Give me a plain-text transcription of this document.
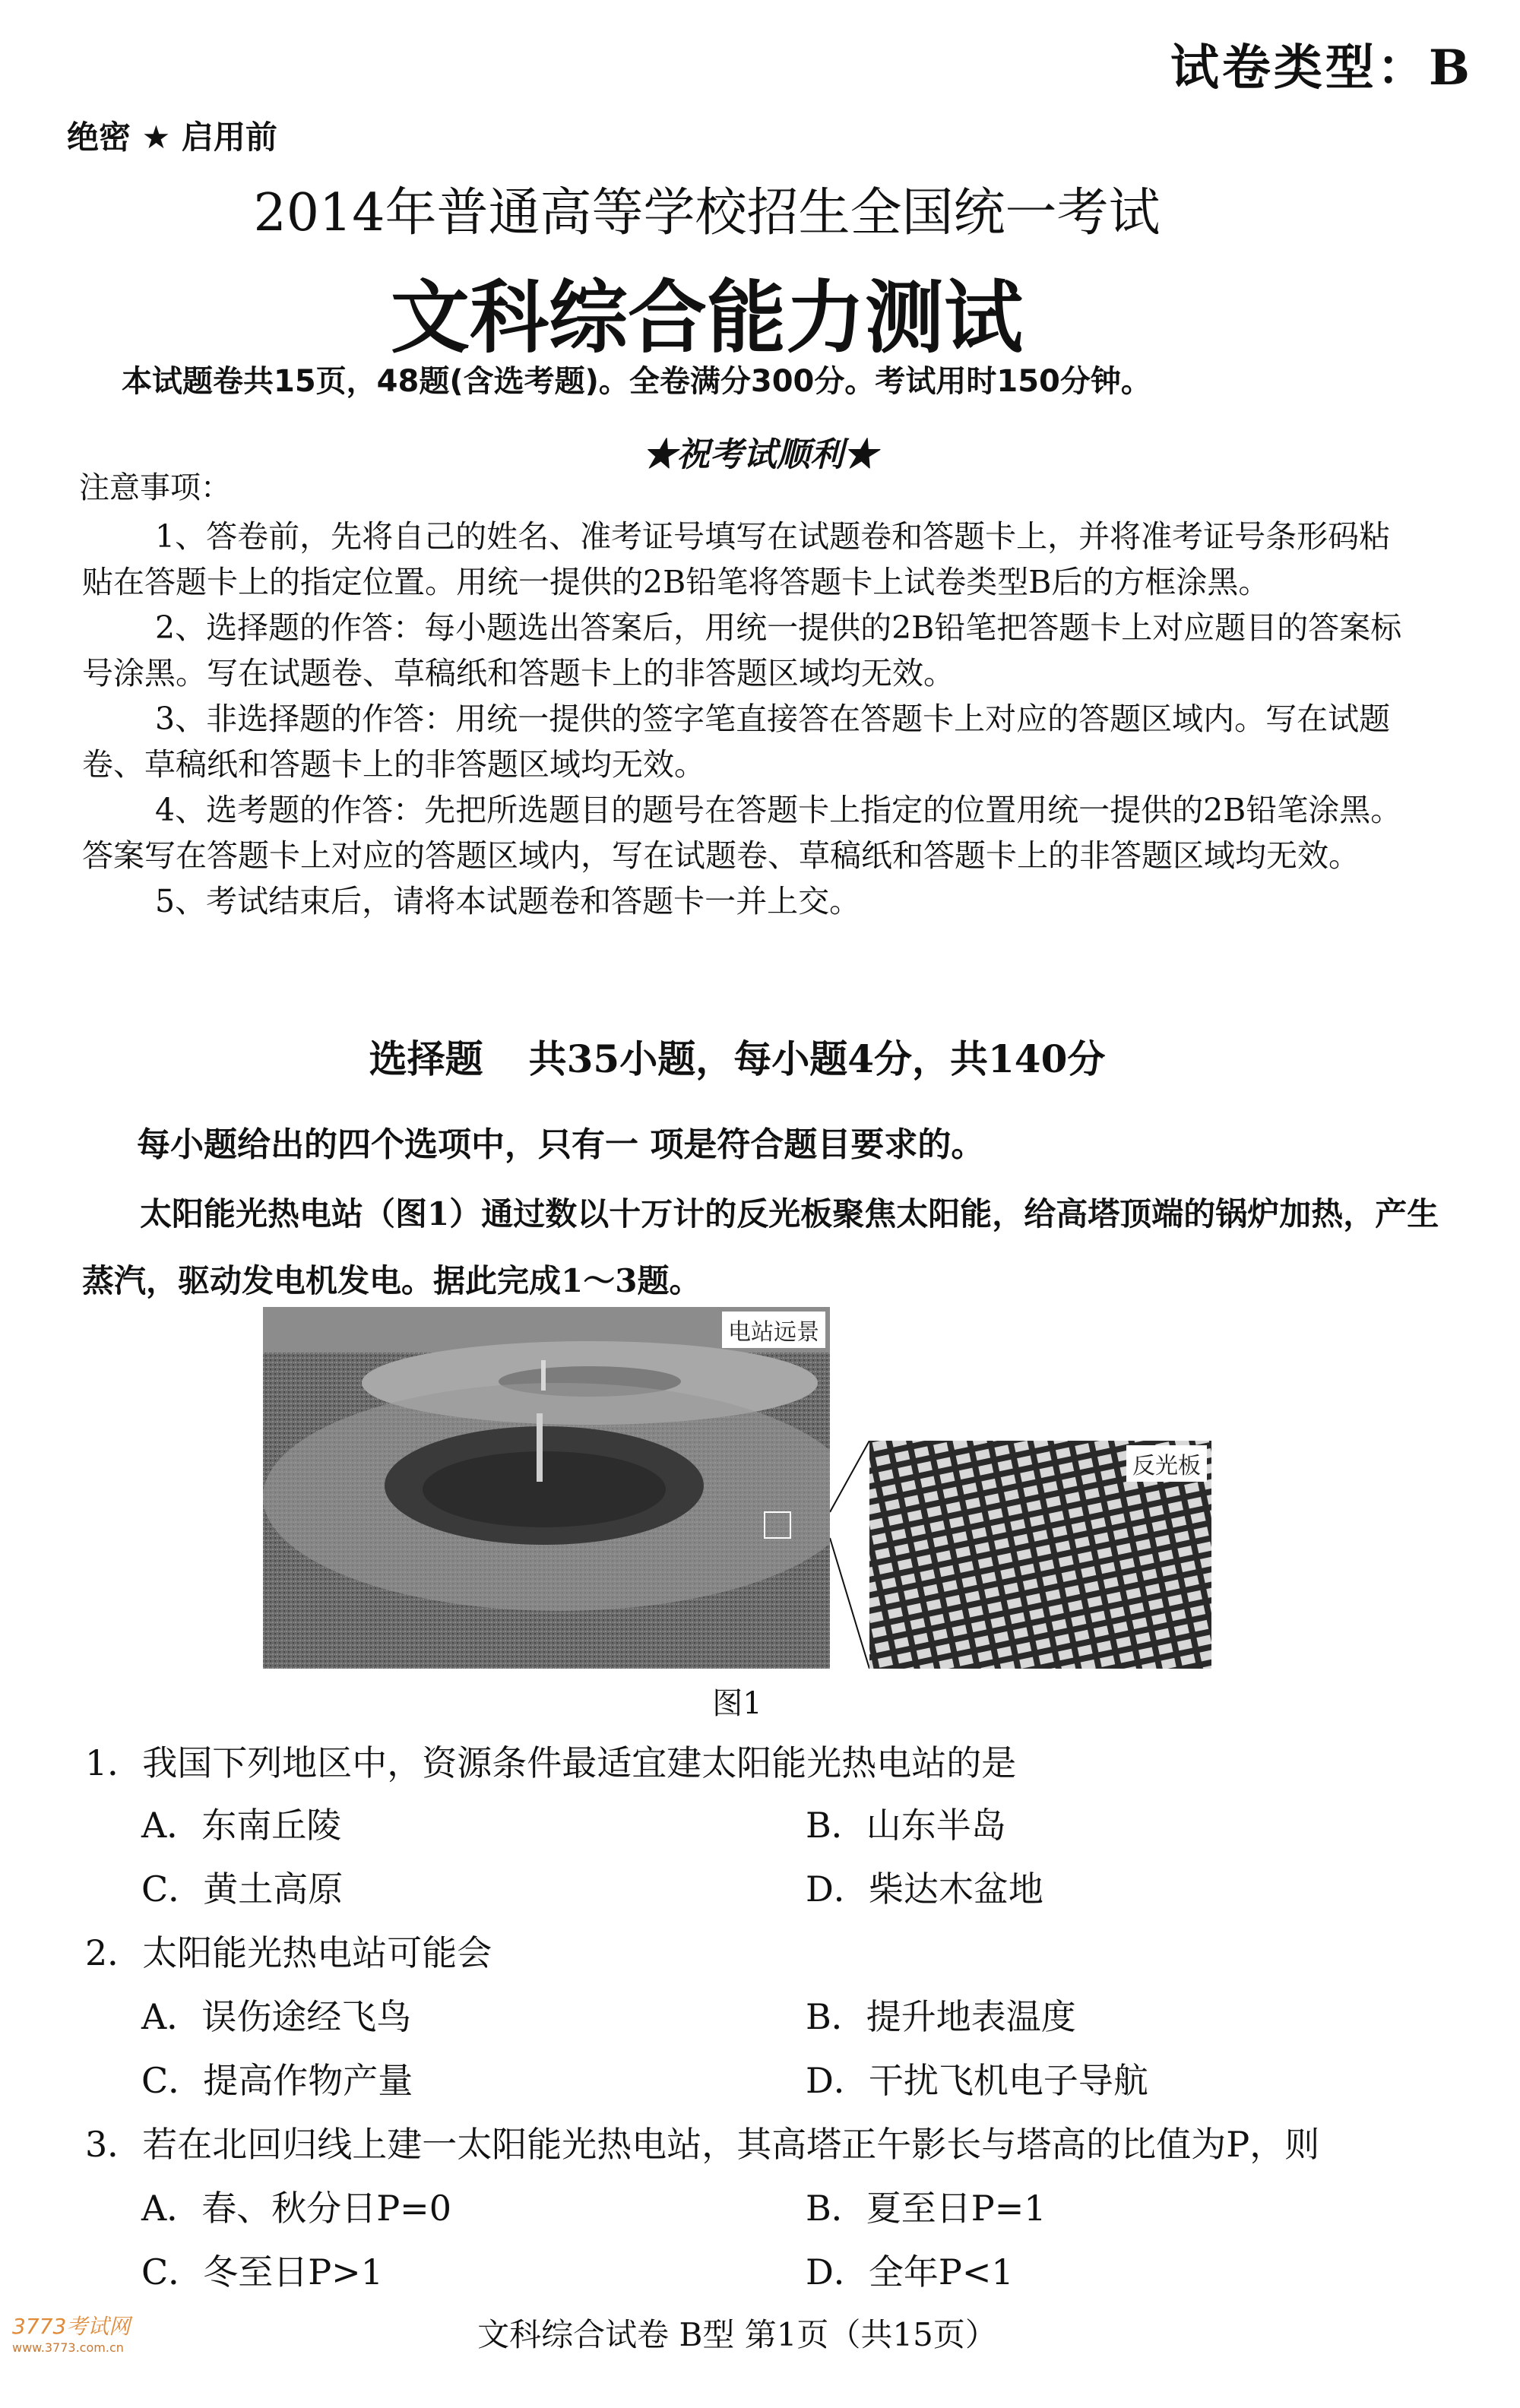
试卷类型：B
绝密 ★ 启用前
2014年普通高等学校招生全国统一考试
文科综合能力测试
本试题卷共15页，48题(含选考题)。全卷满分300分。考试用时150分钟。
★祝考试顺利★
注意事项：

1、答卷前，先将自己的姓名、准考证号填写在试题卷和答题卡上，并将准考证号条形码粘贴在答题卡上的指定位置。用统一提供的2B铅笔将答题卡上试卷类型B后的方框涂黑。

2、选择题的作答：每小题选出答案后，用统一提供的2B铅笔把答题卡上对应题目的答案标号涂黑。写在试题卷、草稿纸和答题卡上的非答题区域均无效。

3、非选择题的作答：用统一提供的签字笔直接答在答题卡上对应的答题区域内。写在试题卷、草稿纸和答题卡上的非答题区域均无效。

4、选考题的作答：先把所选题目的题号在答题卡上指定的位置用统一提供的2B铅笔涂黑。答案写在答题卡上对应的答题区域内，写在试题卷、草稿纸和答题卡上的非答题区域均无效。

5、考试结束后，请将本试题卷和答题卡一并上交。

选择题 共35小题，每小题4分，共140分
每小题给出的四个选项中，只有一 项是符合题目要求的。

太阳能光热电站（图1）通过数以十万计的反光板聚焦太阳能，给高塔顶端的锅炉加热，产生蒸汽，驱动发电机发电。据此完成1～3题。

电站远景
反光板
图1
1．我国下列地区中，资源条件最适宜建太阳能光热电站的是
A．东南丘陵	B．山东半岛
C．黄土高原	D．柴达木盆地
2．太阳能光热电站可能会
A．误伤途经飞鸟	B．提升地表温度
C．提高作物产量	D．干扰飞机电子导航
3．若在北回归线上建一太阳能光热电站，其高塔正午影长与塔高的比值为P，则
A．春、秋分日P=0	B．夏至日P=1
C．冬至日P>1	D．全年P<1
文科综合试卷 B型 第1页（共15页）
3773考试网
www.3773.com.cn
